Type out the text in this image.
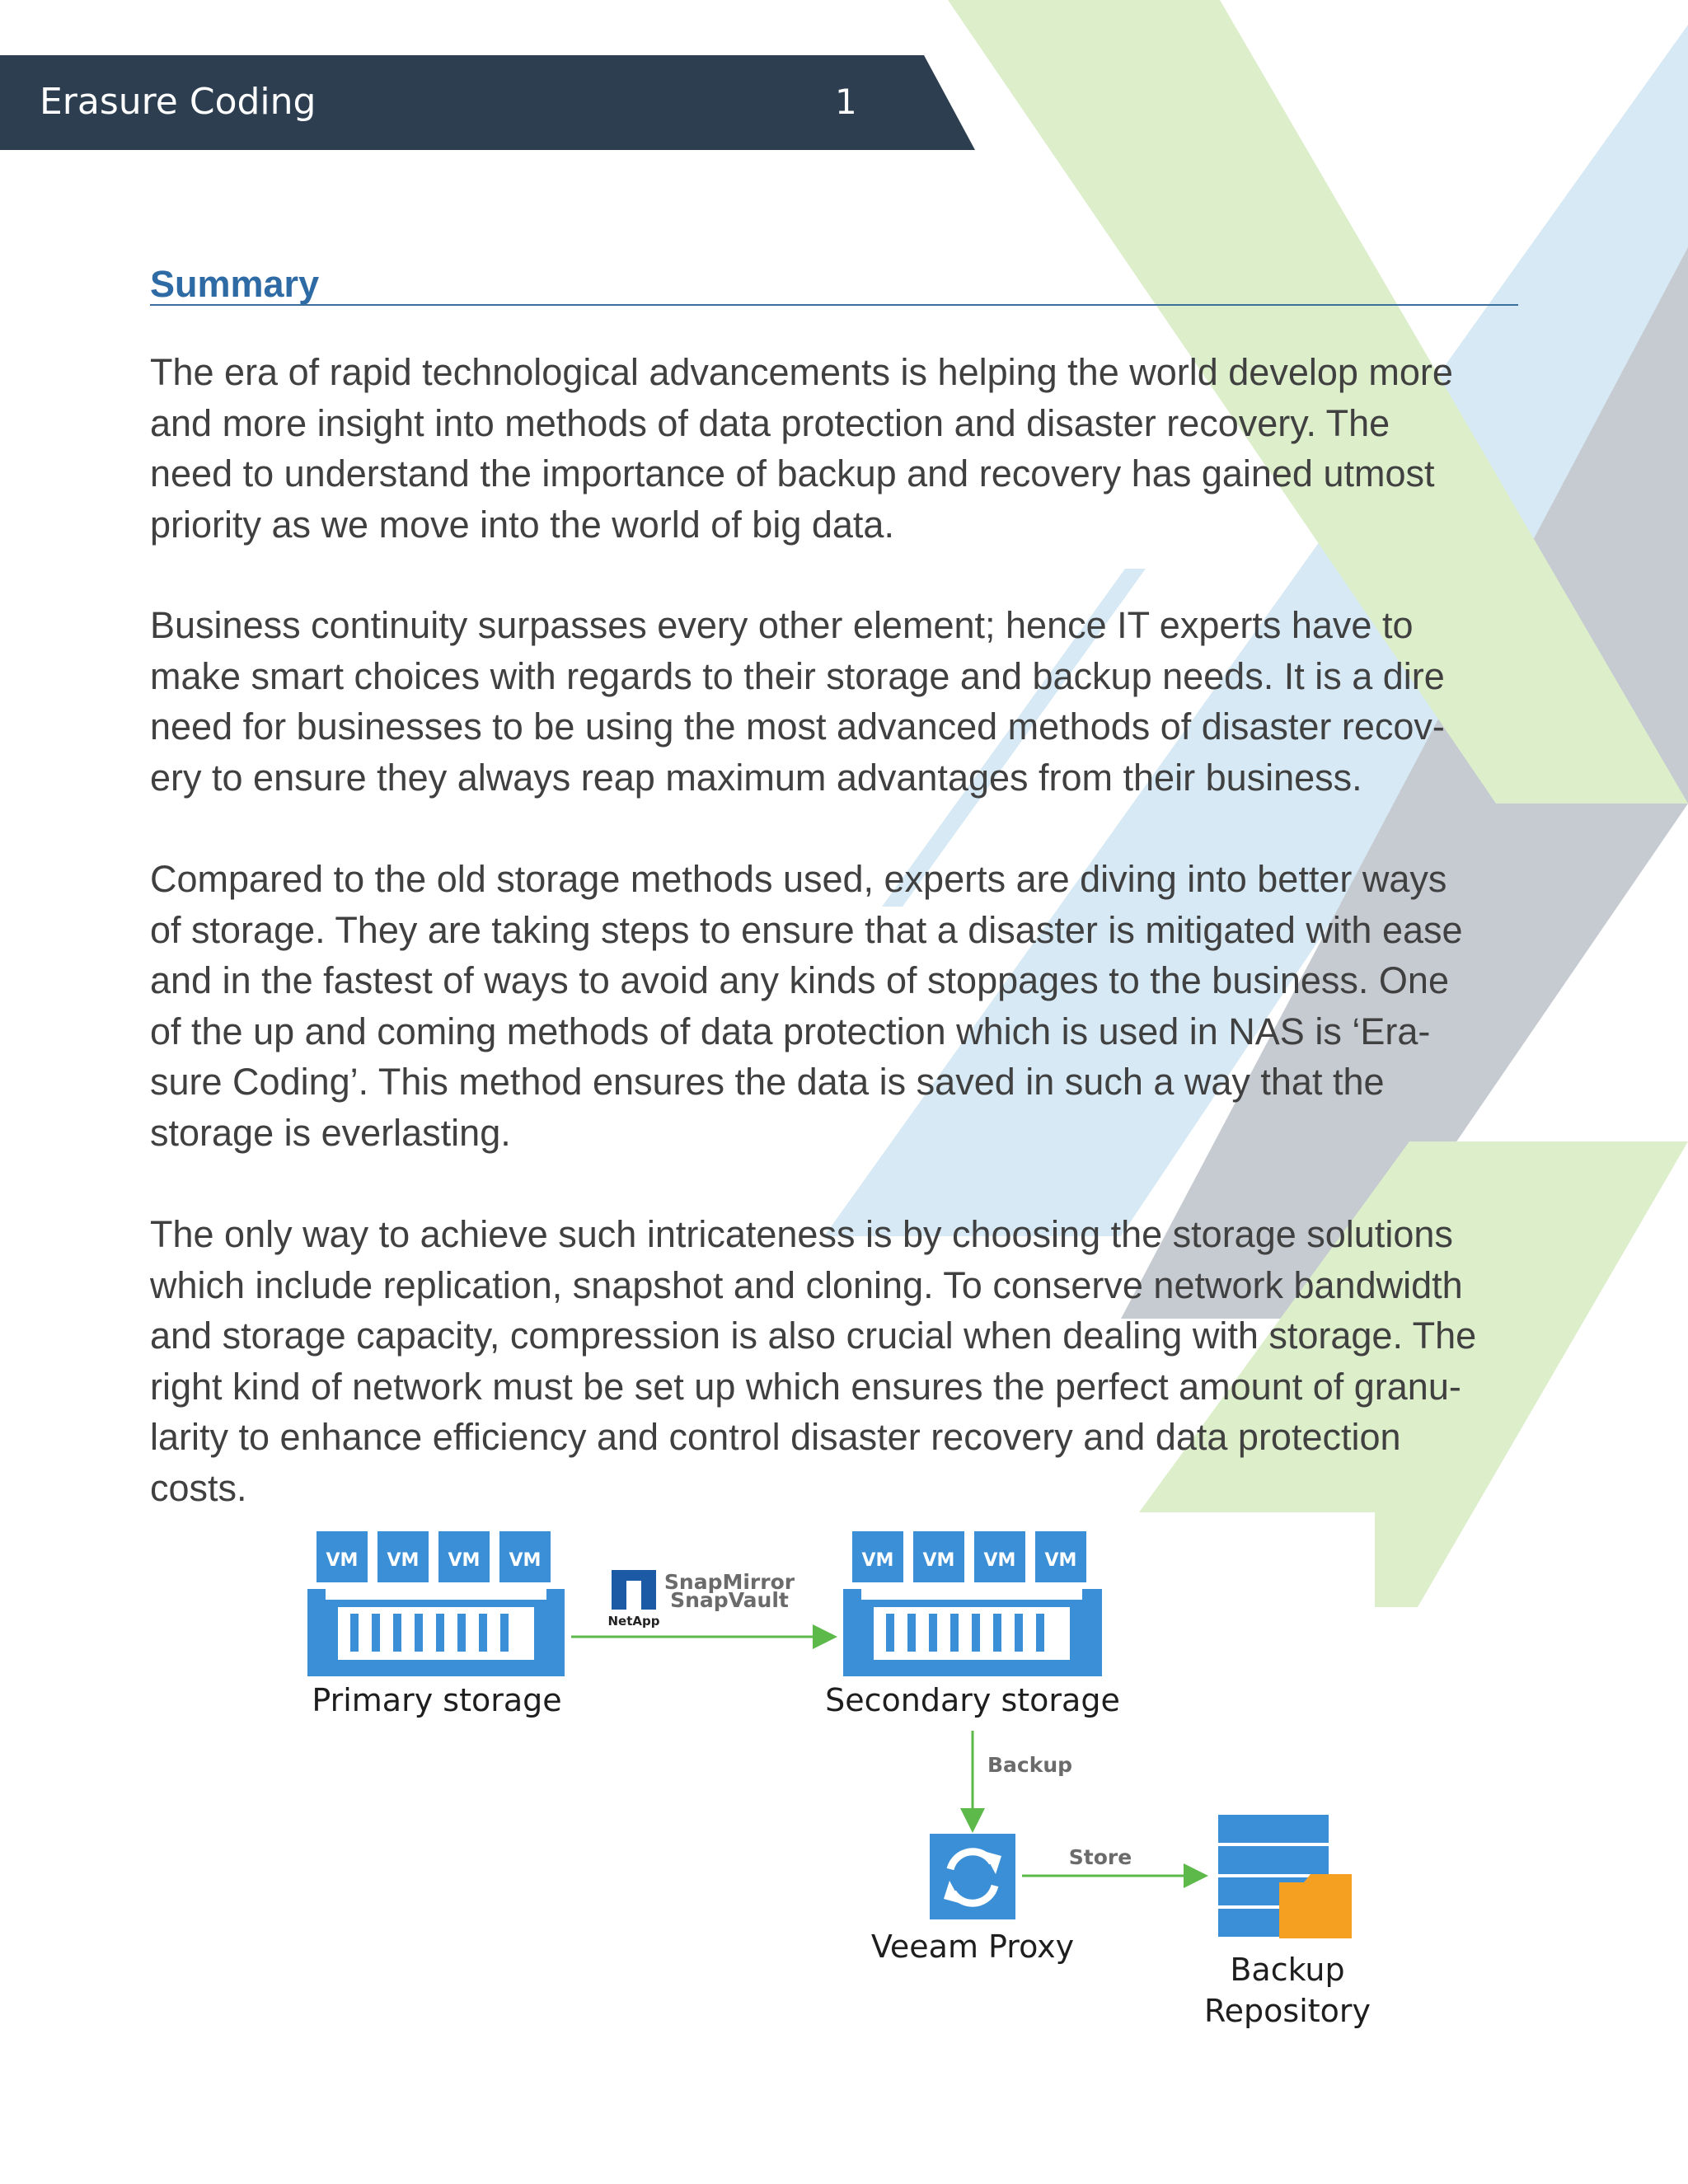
Erasure Coding	1
Summary

The era of rapid technological advancements is helping the world develop more
and more insight into methods of data protection and disaster recovery. The
need to understand the importance of backup and recovery has gained utmost
priority as we move into the world of big data.

Business continuity surpasses every other element; hence IT experts have to
make smart choices with regards to their storage and backup needs. It is a dire
need for businesses to be using the most advanced methods of disaster recov-
ery to ensure they always reap maximum advantages from their business.

Compared to the old storage methods used, experts are diving into better ways
of storage. They are taking steps to ensure that a disaster is mitigated with ease
and in the fastest of ways to avoid any kinds of stoppages to the business. One
of the up and coming methods of data protection which is used in NAS is ‘Era-
sure Coding’. This method ensures the data is saved in such a way that the
storage is everlasting.

The only way to achieve such intricateness is by choosing the storage solutions
which include replication, snapshot and cloning. To conserve network bandwidth
and storage capacity, compression is also crucial when dealing with storage. The
right kind of network must be set up which ensures the perfect amount of granu-
larity to enhance efficiency and control disaster recovery and data protection
costs.

VM VM VM VM
Primary storage
NetApp
SnapMirror
SnapVault
VM VM VM VM
Secondary storage
Backup
Veeam Proxy
Store
Backup
Repository
